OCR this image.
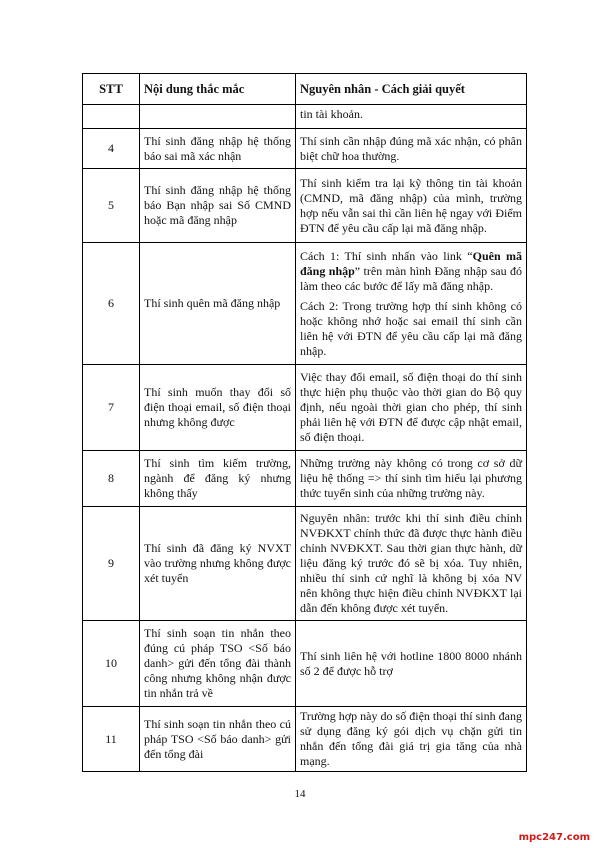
STT	Nội dung thắc mắc	Nguyên nhân - Cách giải quyết
		tin tài khoản.
4	Thí sinh đăng nhập hệ thống báo sai mã xác nhận	Thí sinh cần nhập đúng mã xác nhận, có phân biệt chữ hoa thường.

5	Thí sinh đăng nhập hệ thống báo Bạn nhập sai Số CMND hoặc mã đăng nhập	Thí sinh kiểm tra lại kỹ thông tin tài khoản (CMND, mã đăng nhập) của mình, trường hợp nếu vẫn sai thì cần liên hệ ngay với Điểm ĐTN để yêu cầu cấp lại mã đăng nhập.

6	Thí sinh quên mã đăng nhập	Cách 1: Thí sinh nhấn vào link “Quên mã đăng nhập” trên màn hình Đăng nhập sau đó làm theo các bước để lấy mã đăng nhập.

Cách 2: Trong trường hợp thí sinh không có hoặc không nhớ hoặc sai email thí sinh cần liên hệ với ĐTN để yêu cầu cấp lại mã đăng nhập.

7	Thí sinh muốn thay đổi số điện thoại email, số điện thoại nhưng không được	Việc thay đổi email, số điện thoại do thí sinh thực hiện phụ thuộc vào thời gian do Bộ quy định, nếu ngoài thời gian cho phép, thí sinh phải liên hệ với ĐTN để được cập nhật email, số điện thoại.

8	Thí sinh tìm kiếm trường, ngành để đăng ký nhưng không thấy	Những trường này không có trong cơ sở dữ liệu hệ thống => thí sinh tìm hiểu lại phương thức tuyển sinh của những trường này.

9	Thí sinh đã đăng ký NVXT vào trường nhưng không được xét tuyển	Nguyên nhân: trước khi thí sinh điều chỉnh NVĐKXT chính thức đã được thực hành điều chỉnh NVĐKXT. Sau thời gian thực hành, dữ liệu đăng ký trước đó sẽ bị xóa. Tuy nhiên, nhiều thí sinh cứ nghĩ là không bị xóa NV nên không thực hiện điều chỉnh NVĐKXT lại dẫn đến không được xét tuyển.

10	Thí sinh soạn tin nhắn theo đúng cú pháp TSO <Số báo danh> gửi đến tổng đài thành công nhưng không nhận được tin nhắn trả về	Thí sinh liên hệ với hotline 1800 8000 nhánh số 2 để được hỗ trợ

11	Thí sinh soạn tin nhắn theo cú pháp TSO <Số báo danh> gửi đến tổng đài	Trường hợp này do số điện thoại thí sinh đang sử dụng đăng ký gói dịch vụ chặn gửi tin nhắn đến tổng đài giá trị gia tăng của nhà mạng.

14
mpc247.com
